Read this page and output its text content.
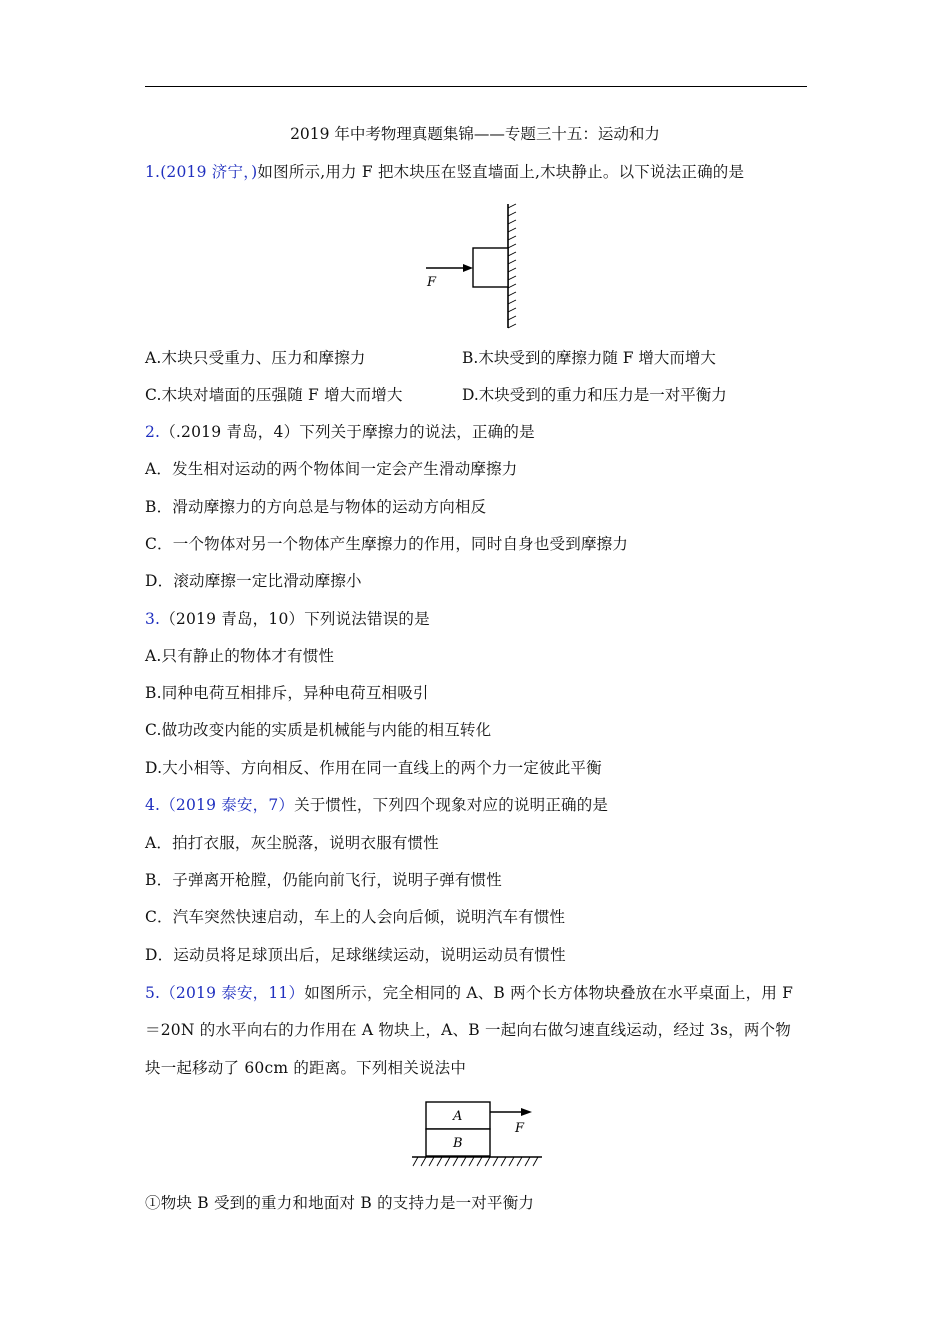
2019 年中考物理真题集锦——专题三十五：运动和力
1.(2019 济宁，)如图所示,用力 F 把木块压在竖直墙面上,木块静止。以下说法正确的是
F
A.木块只受重力、压力和摩擦力	B.木块受到的摩擦力随 F 增大而增大
C.木块对墙面的压强随 F 增大而增大	D.木块受到的重力和压力是一对平衡力
2.（.2019 青岛，4）下列关于摩擦力的说法，正确的是
A．发生相对运动的两个物体间一定会产生滑动摩擦力
B．滑动摩擦力的方向总是与物体的运动方向相反
C．一个物体对另一个物体产生摩擦力的作用，同时自身也受到摩擦力
D．滚动摩擦一定比滑动摩擦小
3.（2019 青岛，10）下列说法错误的是
A.只有静止的物体才有惯性
B.同种电荷互相排斥，异种电荷互相吸引
C.做功改变内能的实质是机械能与内能的相互转化
D.大小相等、方向相反、作用在同一直线上的两个力一定彼此平衡
4.（2019 泰安，7）关于惯性，下列四个现象对应的说明正确的是
A．拍打衣服，灰尘脱落，说明衣服有惯性
B．子弹离开枪膛，仍能向前飞行，说明子弹有惯性
C．汽车突然快速启动，车上的人会向后倾，说明汽车有惯性
D．运动员将足球顶出后，足球继续运动，说明运动员有惯性
5.（2019 泰安，11）如图所示，完全相同的 A、B 两个长方体物块叠放在水平桌面上，用 F
＝20N 的水平向右的力作用在 A 物块上，A、B 一起向右做匀速直线运动，经过 3s，两个物
块一起移动了 60cm 的距离。下列相关说法中
A
B
F
①物块 B 受到的重力和地面对 B 的支持力是一对平衡力
